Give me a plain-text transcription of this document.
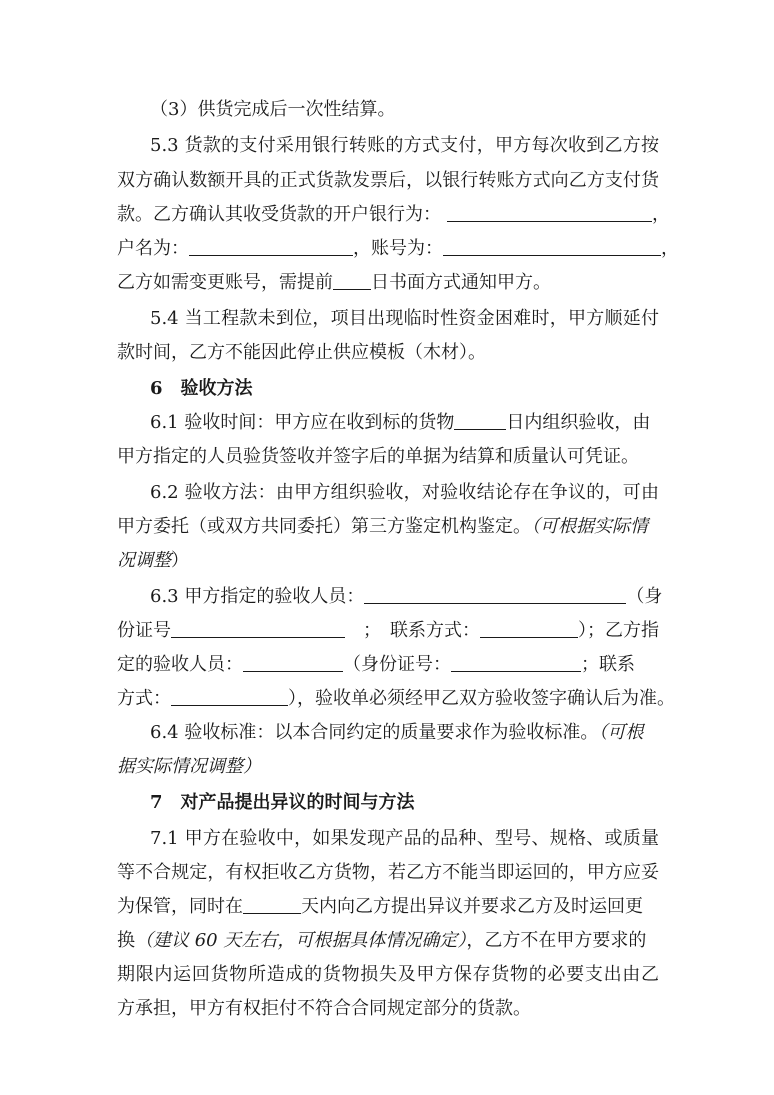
（3）供货完成后一次性结算。
5.3 货款的支付采用银行转账的方式支付，甲方每次收到乙方按
双方确认数额开具的正式货款发票后，以银行转账方式向乙方支付货
款。乙方确认其收受货款的开户银行为：	，
户名为：	，账号为：	，
乙方如需变更账号，需提前 日书面方式通知甲方。
5.4 当工程款未到位，项目出现临时性资金困难时，甲方顺延付
款时间，乙方不能因此停止供应模板（木材）。
6　验收方法
6.1 验收时间：甲方应在收到标的货物	日内组织验收，由
甲方指定的人员验货签收并签字后的单据为结算和质量认可凭证。
6.2 验收方法：由甲方组织验收，对验收结论存在争议的，可由
甲方委托（或双方共同委托）第三方鉴定机构鉴定。（可根据实际情
况调整）
6.3 甲方指定的验收人员：	（身
份证号	；　联系方式：	）；乙方指
定的验收人员：	（身份证号：	；联系
方式：	），验收单必须经甲乙双方验收签字确认后为准。
6.4 验收标准：以本合同约定的质量要求作为验收标准。（可根
据实际情况调整）
7　对产品提出异议的时间与方法
7.1 甲方在验收中，如果发现产品的品种、型号、规格、或质量
等不合规定，有权拒收乙方货物，若乙方不能当即运回的，甲方应妥
为保管，同时在	天内向乙方提出异议并要求乙方及时运回更
换（建议 60 天左右，可根据具体情况确定），乙方不在甲方要求的
期限内运回货物所造成的货物损失及甲方保存货物的必要支出由乙
方承担，甲方有权拒付不符合合同规定部分的货款。
